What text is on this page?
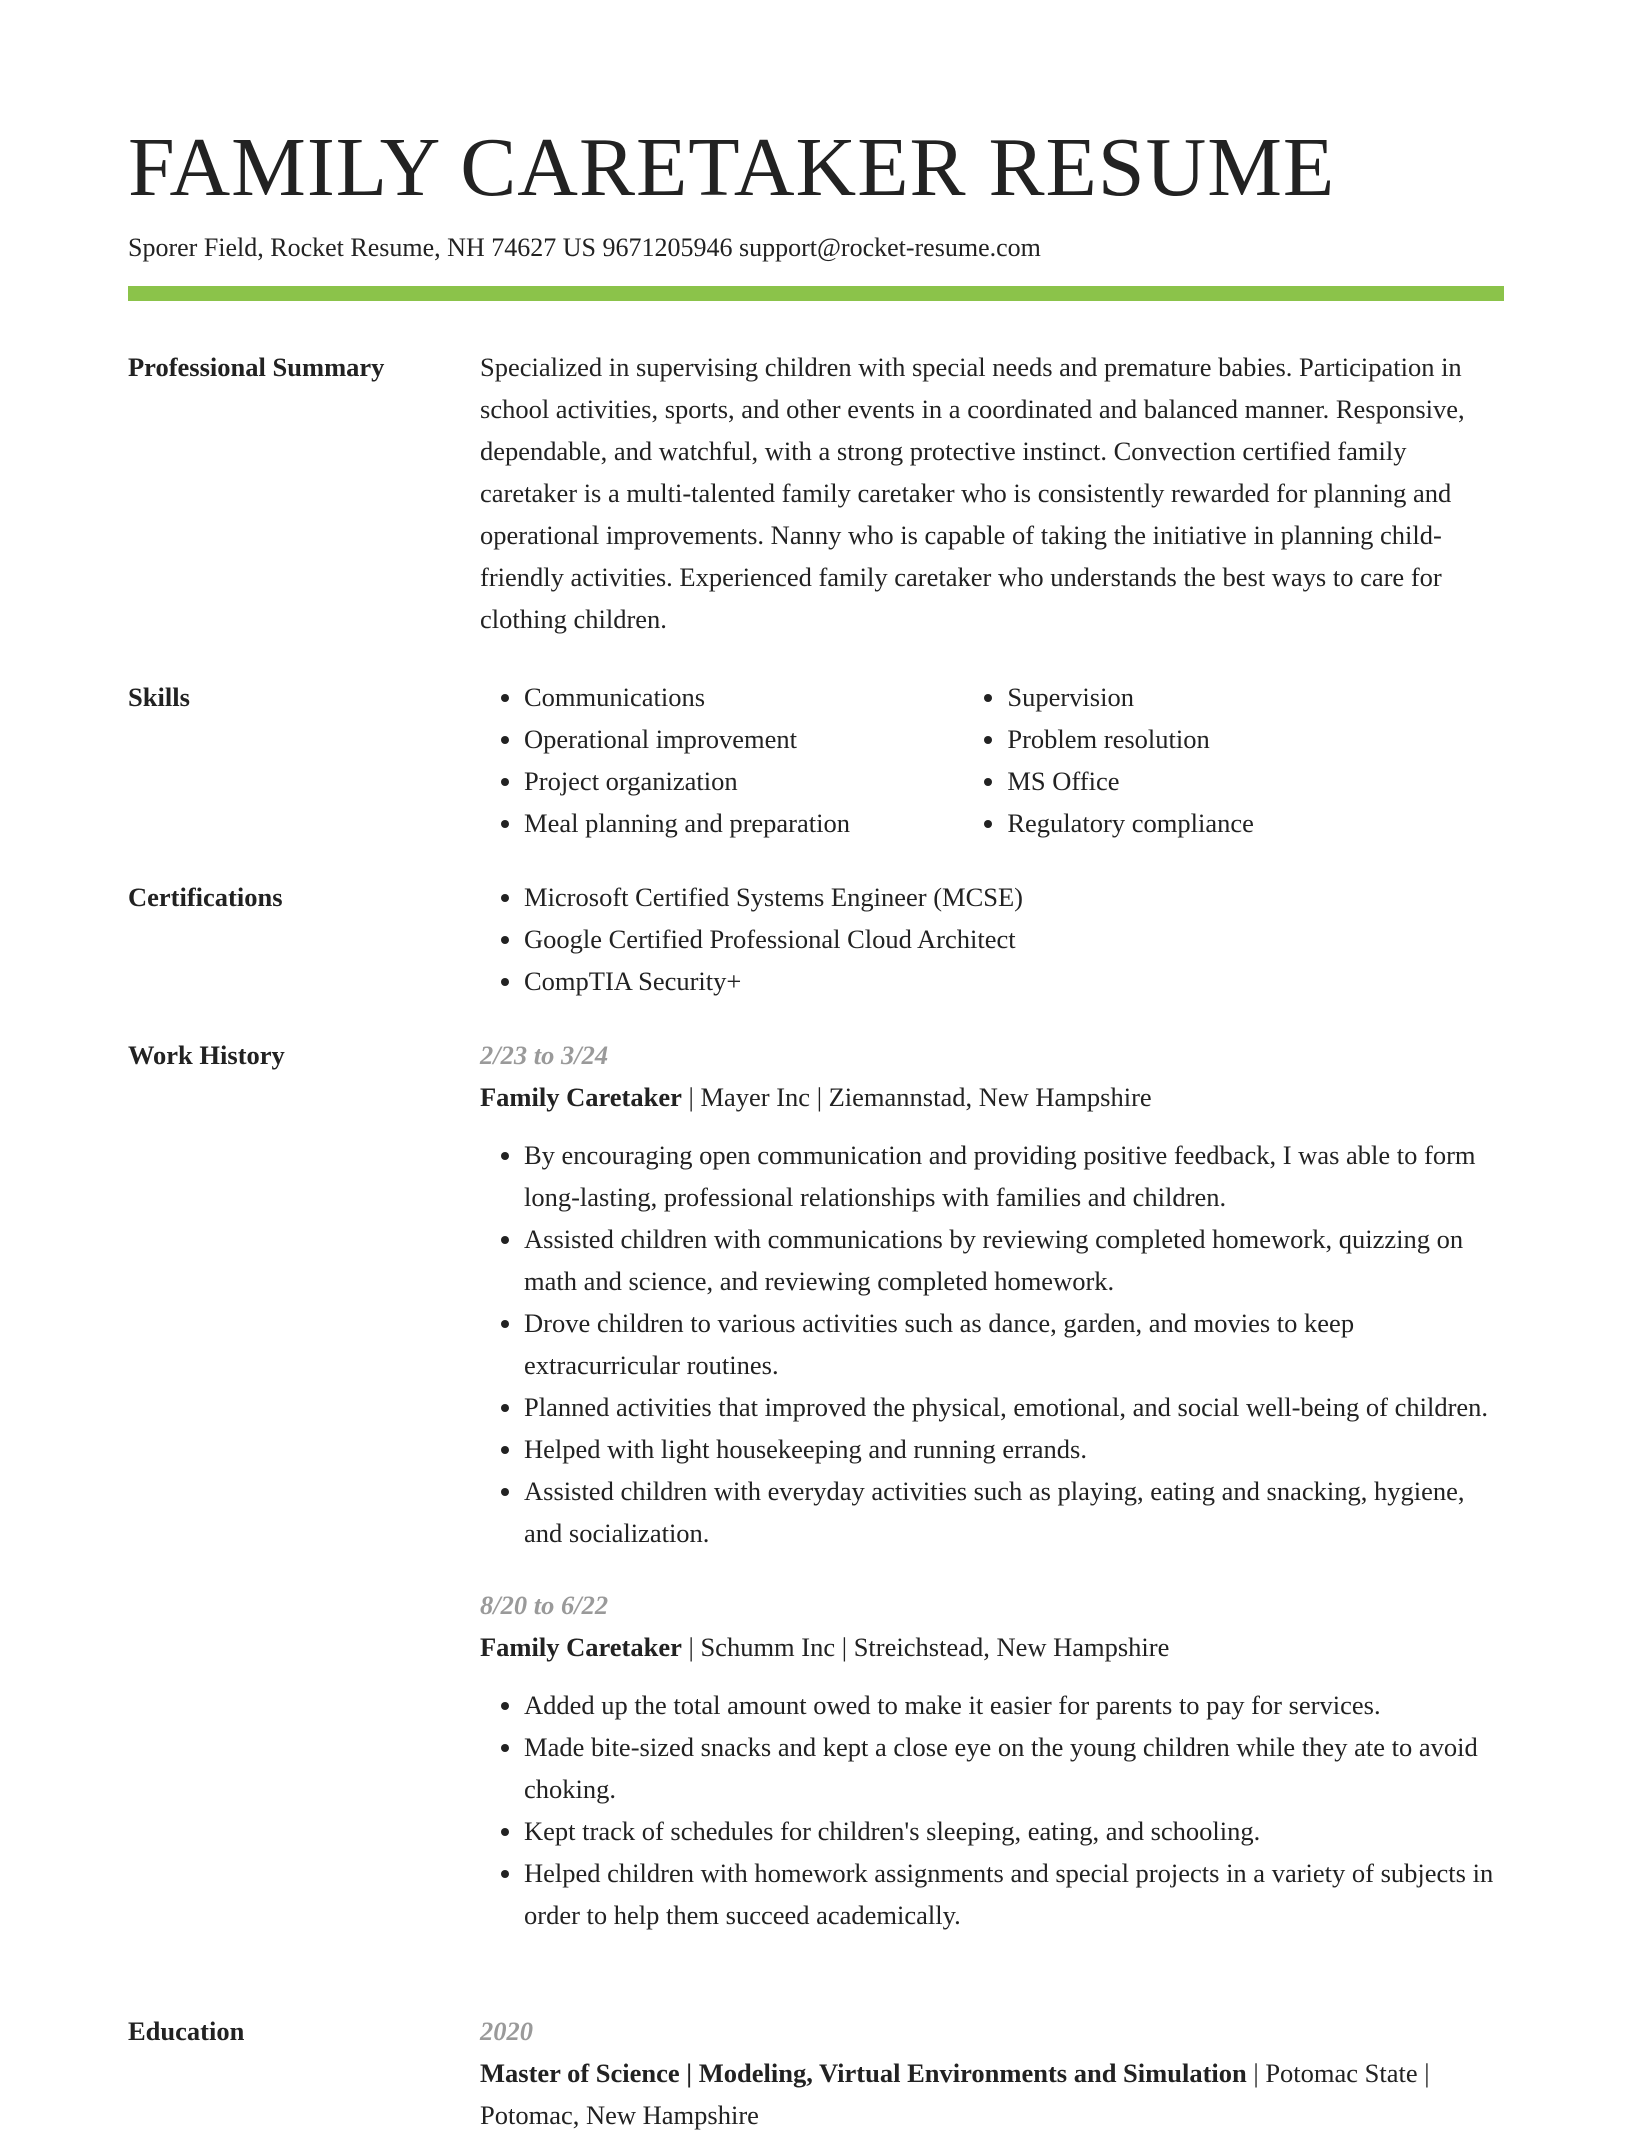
FAMILY CARETAKER RESUME
Sporer Field, Rocket Resume, NH 74627 US 9671205946 support@rocket-resume.com
Professional Summary	Specialized in supervising children with special needs and premature babies. Participation in school activities, sports, and other events in a coordinated and balanced manner. Responsive, dependable, and watchful, with a strong protective instinct. Convection certified family caretaker is a multi-talented family caretaker who is consistently rewarded for planning and operational improvements. Nanny who is capable of taking the initiative in planning child-friendly activities. Experienced family caretaker who understands the best ways to care for clothing children.

Skills	• Communications
• Operational improvement
• Project organization
• Meal planning and preparation
• Supervision
• Problem resolution
• MS Office
• Regulatory compliance
Certifications	• Microsoft Certified Systems Engineer (MCSE)
• Google Certified Professional Cloud Architect
• CompTIA Security+
Work History	2/23 to 3/24
Family Caretaker | Mayer Inc | Ziemannstad, New Hampshire
• By encouraging open communication and providing positive feedback, I was able to form long-lasting, professional relationships with families and children.
• Assisted children with communications by reviewing completed homework, quizzing on math and science, and reviewing completed homework.
• Drove children to various activities such as dance, garden, and movies to keep extracurricular routines.
• Planned activities that improved the physical, emotional, and social well-being of children.
• Helped with light housekeeping and running errands.
• Assisted children with everyday activities such as playing, eating and snacking, hygiene, and socialization.
8/20 to 6/22
Family Caretaker | Schumm Inc | Streichstead, New Hampshire
• Added up the total amount owed to make it easier for parents to pay for services.
• Made bite-sized snacks and kept a close eye on the young children while they ate to avoid choking.
• Kept track of schedules for children's sleeping, eating, and schooling.
• Helped children with homework assignments and special projects in a variety of subjects in order to help them succeed academically.
Education	2020
Master of Science | Modeling, Virtual Environments and Simulation | Potomac State | Potomac, New Hampshire
